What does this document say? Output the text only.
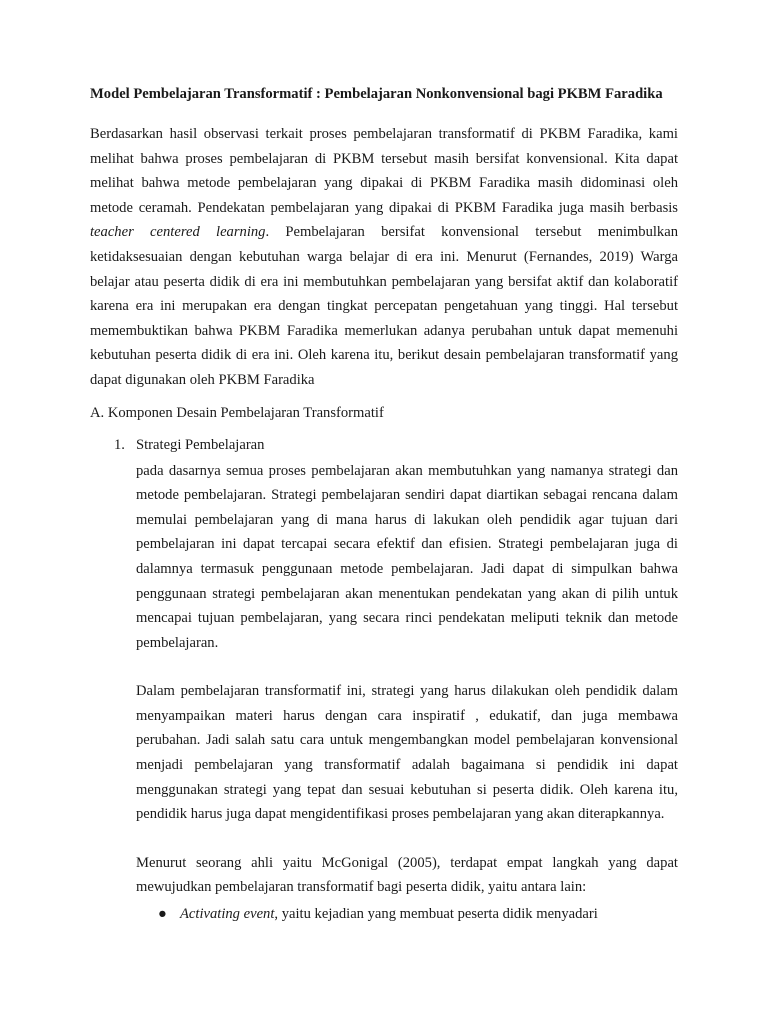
Model Pembelajaran Transformatif : Pembelajaran Nonkonvensional bagi PKBM Faradika

Berdasarkan hasil observasi terkait proses pembelajaran transformatif di PKBM Faradika, kami melihat bahwa proses pembelajaran di PKBM tersebut masih bersifat konvensional. Kita dapat melihat bahwa metode pembelajaran yang dipakai di PKBM Faradika masih didominasi oleh metode ceramah. Pendekatan pembelajaran yang dipakai di PKBM Faradika juga masih berbasis teacher centered learning. Pembelajaran bersifat konvensional tersebut menimbulkan ketidaksesuaian dengan kebutuhan warga belajar di era ini. Menurut (Fernandes, 2019) Warga belajar atau peserta didik di era ini membutuhkan pembelajaran yang bersifat aktif dan kolaboratif karena era ini merupakan era dengan tingkat percepatan pengetahuan yang tinggi. Hal tersebut memembuktikan bahwa PKBM Faradika memerlukan adanya perubahan untuk dapat memenuhi kebutuhan peserta didik di era ini. Oleh karena itu, berikut desain pembelajaran transformatif yang dapat digunakan oleh PKBM Faradika

A. Komponen Desain Pembelajaran Transformatif
1. Strategi Pembelajaran

pada dasarnya semua proses pembelajaran akan membutuhkan yang namanya strategi dan metode pembelajaran. Strategi pembelajaran sendiri dapat diartikan sebagai rencana dalam memulai pembelajaran yang di mana harus di lakukan oleh pendidik agar tujuan dari pembelajaran ini dapat tercapai secara efektif dan efisien. Strategi pembelajaran juga di dalamnya termasuk penggunaan metode pembelajaran. Jadi dapat di simpulkan bahwa penggunaan strategi pembelajaran akan menentukan pendekatan yang akan di pilih untuk mencapai tujuan pembelajaran, yang secara rinci pendekatan meliputi teknik dan metode pembelajaran.

Dalam pembelajaran transformatif ini, strategi yang harus dilakukan oleh pendidik dalam menyampaikan materi harus dengan cara inspiratif , edukatif, dan juga membawa perubahan. Jadi salah satu cara untuk mengembangkan model pembelajaran konvensional menjadi pembelajaran yang transformatif adalah bagaimana si pendidik ini dapat menggunakan strategi yang tepat dan sesuai kebutuhan si peserta didik. Oleh karena itu, pendidik harus juga dapat mengidentifikasi proses pembelajaran yang akan diterapkannya.

Menurut seorang ahli yaitu McGonigal (2005), terdapat empat langkah yang dapat mewujudkan pembelajaran transformatif bagi peserta didik, yaitu antara lain:

● Activating event, yaitu kejadian yang membuat peserta didik menyadari
